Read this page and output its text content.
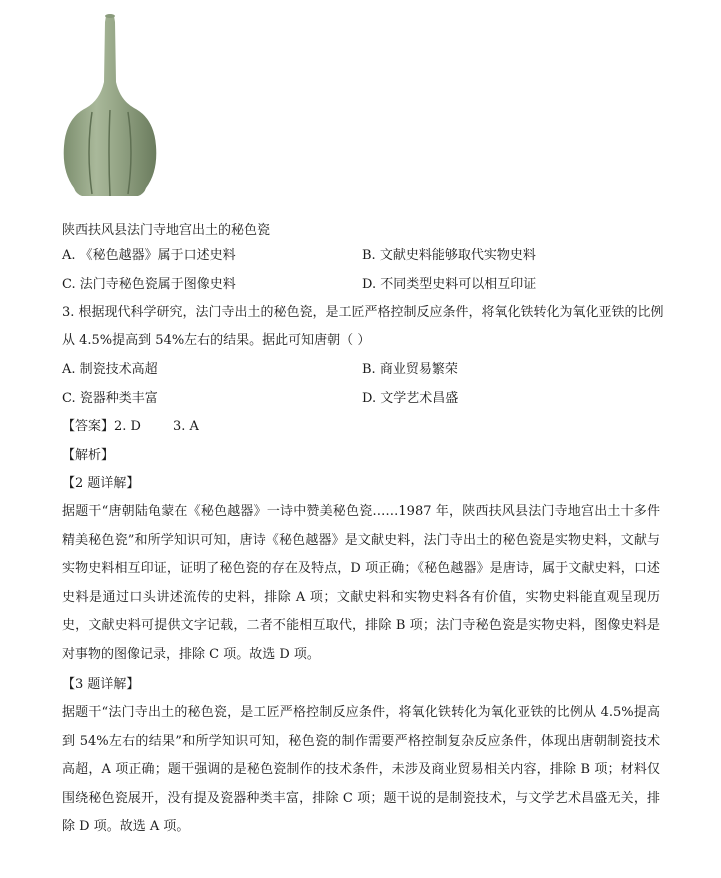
陕西扶风县法门寺地宫出土的秘色瓷
A. 《秘色越器》属于口述史料	B. 文献史料能够取代实物史料
C. 法门寺秘色瓷属于图像史料	D. 不同类型史料可以相互印证
3. 根据现代科学研究，法门寺出土的秘色瓷，是工匠严格控制反应条件，将氧化铁转化为氧化亚铁的比例
从 4.5%提高到 54%左右的结果。据此可知唐朝（ ）
A. 制瓷技术高超	B. 商业贸易繁荣
C. 瓷器种类丰富	D. 文学艺术昌盛
【答案】2. D 3. A
【解析】
【2 题详解】
据题干“唐朝陆龟蒙在《秘色越器》一诗中赞美秘色瓷……1987 年，陕西扶风县法门寺地宫出土十多件精美秘色瓷”和所学知识可知，唐诗《秘色越器》是文献史料，法门寺出土的秘色瓷是实物史料，文献与实物史料相互印证，证明了秘色瓷的存在及特点，D 项正确；《秘色越器》是唐诗，属于文献史料，口述史料是通过口头讲述流传的史料，排除 A 项；文献史料和实物史料各有价值，实物史料能直观呈现历史，文献史料可提供文字记载，二者不能相互取代，排除 B 项；法门寺秘色瓷是实物史料，图像史料是对事物的图像记录，排除 C 项。故选 D 项。
【3 题详解】
据题干“法门寺出土的秘色瓷，是工匠严格控制反应条件，将氧化铁转化为氧化亚铁的比例从 4.5%提高到 54%左右的结果”和所学知识可知，秘色瓷的制作需要严格控制复杂反应条件，体现出唐朝制瓷技术高超，A 项正确；题干强调的是秘色瓷制作的技术条件，未涉及商业贸易相关内容，排除 B 项；材料仅围绕秘色瓷展开，没有提及瓷器种类丰富，排除 C 项；题干说的是制瓷技术，与文学艺术昌盛无关，排除 D 项。故选 A 项。
